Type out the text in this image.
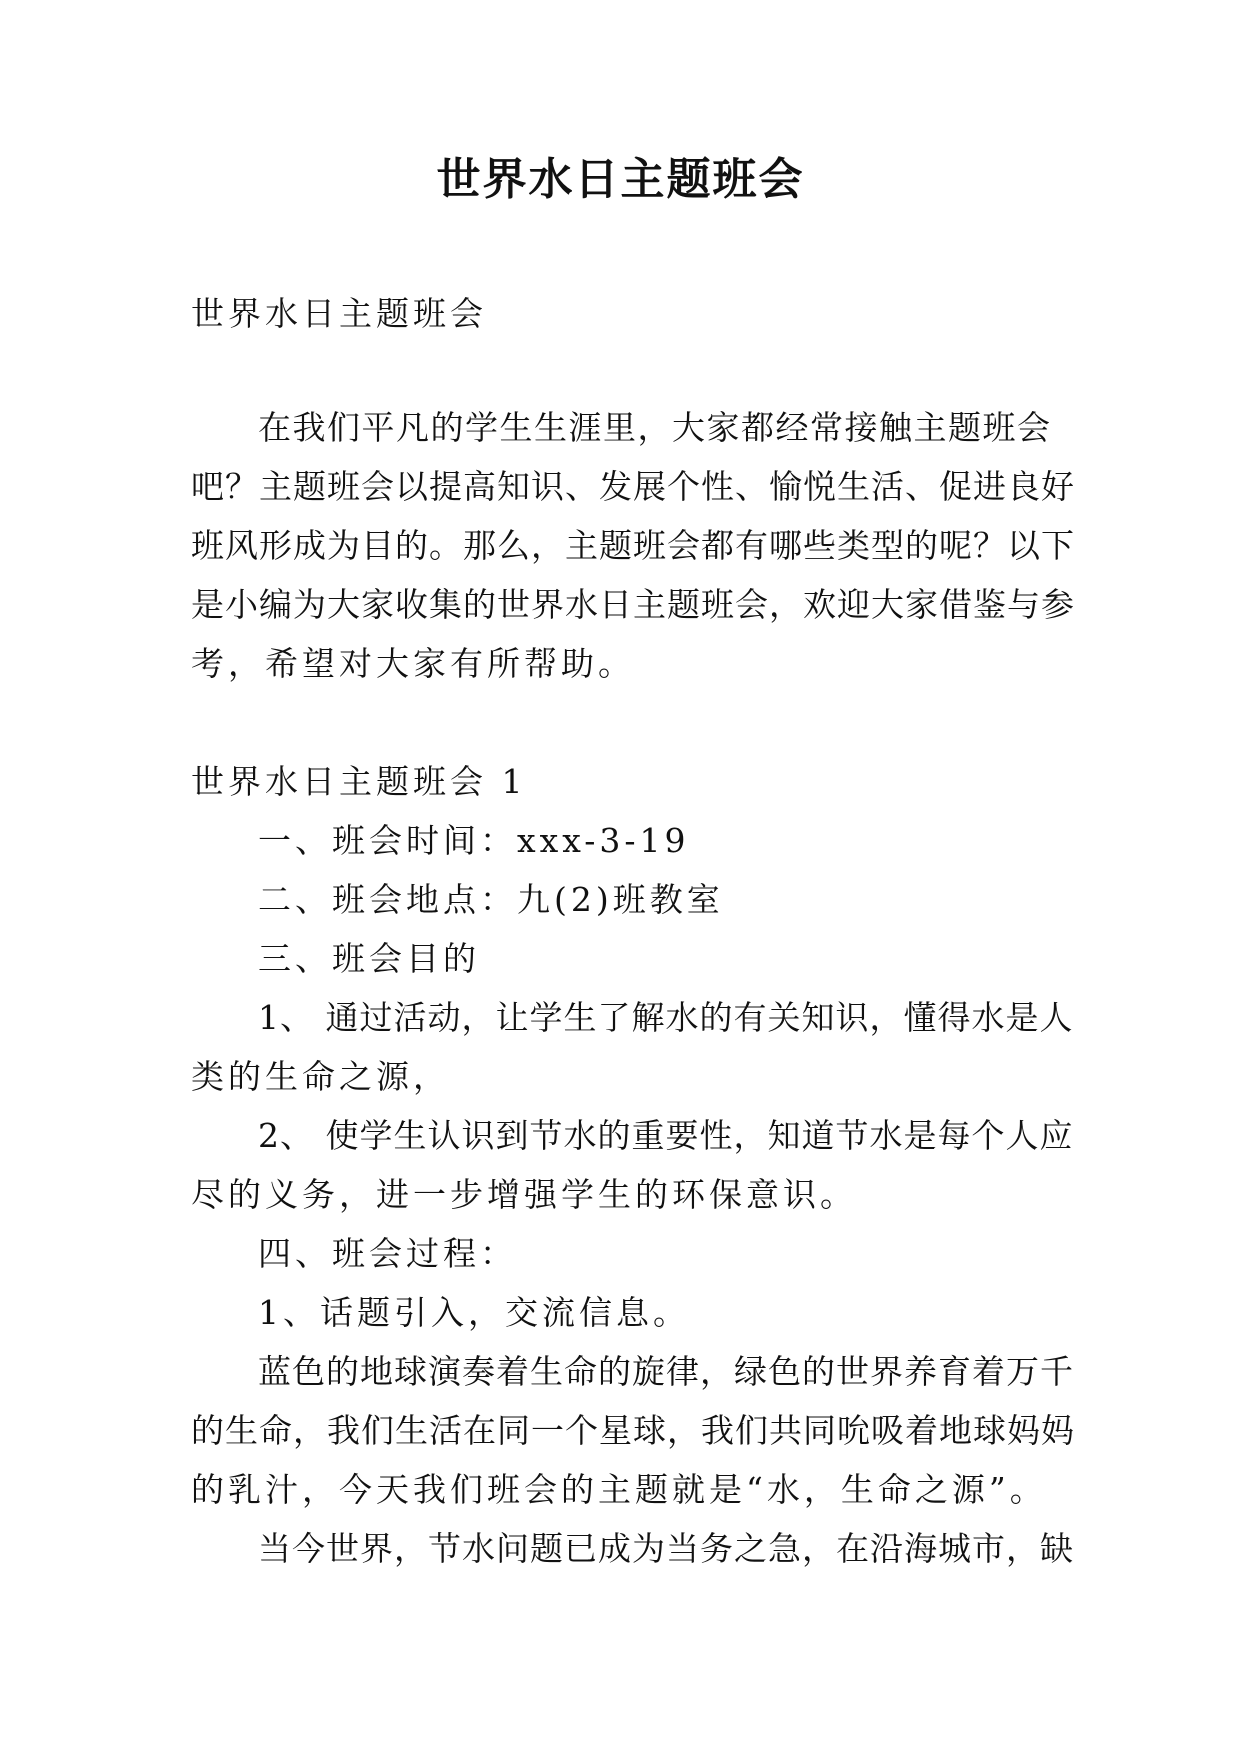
世界水日主题班会
世界水日主题班会
在我们平凡的学生生涯里，大家都经常接触主题班会
吧？主题班会以提高知识、发展个性、愉悦生活、促进良好
班风形成为目的。那么，主题班会都有哪些类型的呢？以下
是小编为大家收集的世界水日主题班会，欢迎大家借鉴与参
考，希望对大家有所帮助。
世界水日主题班会 1
一、班会时间：xxx-3-19
二、班会地点：九(2)班教室
三、班会目的
1、 通过活动，让学生了解水的有关知识，懂得水是人
类的生命之源，
2、 使学生认识到节水的重要性，知道节水是每个人应
尽的义务，进一步增强学生的环保意识。
四、班会过程：
1、话题引入，交流信息。
蓝色的地球演奏着生命的旋律，绿色的世界养育着万千
的生命，我们生活在同一个星球，我们共同吮吸着地球妈妈
的乳汁，今天我们班会的主题就是“水，生命之源”。
当今世界，节水问题已成为当务之急，在沿海城市，缺
